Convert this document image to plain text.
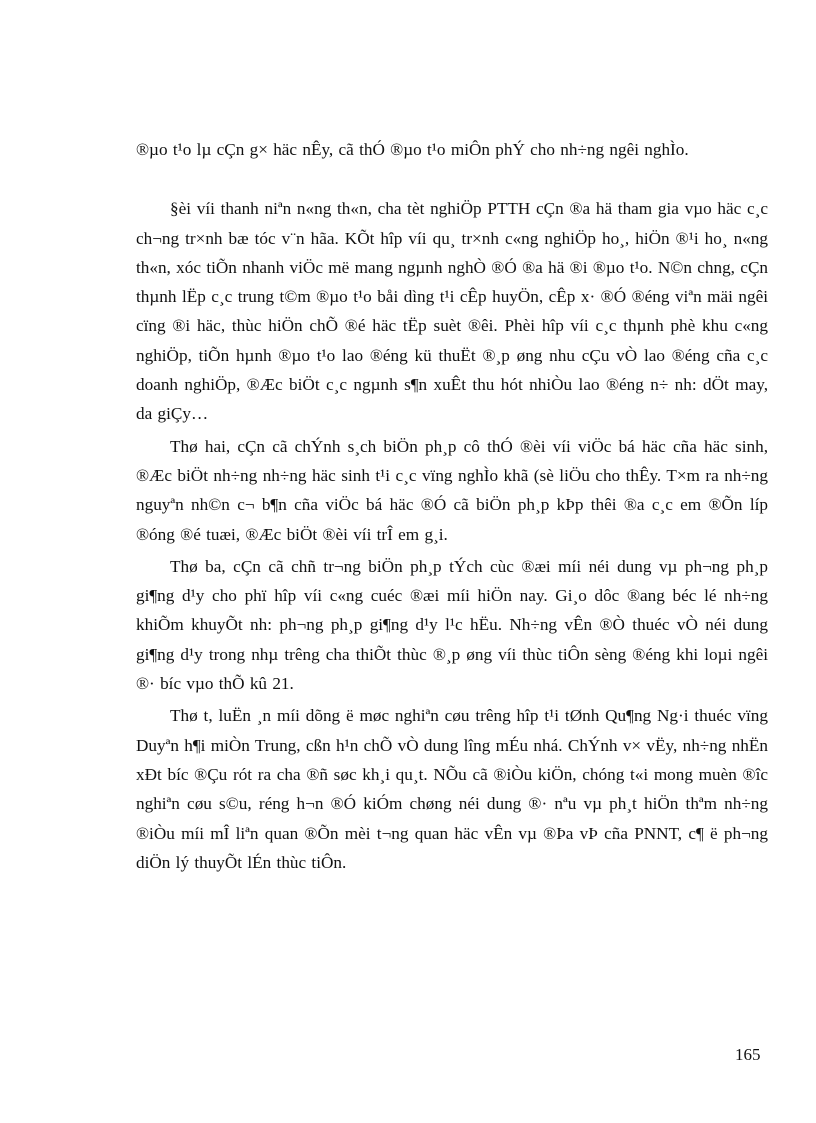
®µo t¹o lµ cÇn g× häc nÊy, cã thÓ ®µo t¹o miÔn phÝ cho nh÷ng ngêi nghÌo.

§èi víi thanh niªn n«ng th«n, cha tèt nghiÖp PTTH cÇn ®a hä tham gia vµo häc c¸c ch¬ng tr×nh bæ tóc v¨n hãa. KÕt hîp víi qu¸ tr×nh c«ng nghiÖp ho¸, hiÖn ®¹i ho¸ n«ng th«n, xóc tiÕn nhanh viÖc më mang ngµnh nghÒ ®Ó ®a hä ®i ®µo t¹o. N©n chng, cÇn thµnh lËp c¸c trung t©m ®µo t¹o båi dìng t¹i cÊp huyÖn, cÊp x· ®Ó ®éng viªn mäi ngêi cïng ®i häc, thùc hiÖn chÕ ®é häc tËp suèt ®êi. Phèi hîp víi c¸c thµnh phè khu c«ng nghiÖp, tiÕn hµnh ®µo t¹o lao ®éng kü thuËt ®¸p øng nhu cÇu vÒ lao ®éng cña c¸c doanh nghiÖp, ®Æc biÖt c¸c ngµnh s¶n xuÊt thu hót nhiÒu lao ®éng n÷ nh: dÖt may, da giÇy…

Thø hai, cÇn cã chÝnh s¸ch biÖn ph¸p cô thÓ ®èi víi viÖc bá häc cña häc sinh, ®Æc biÖt nh÷ng nh÷ng häc sinh t¹i c¸c vïng nghÌo khã (sè liÖu cho thÊy. T×m ra nh÷ng nguyªn nh©n c¬ b¶n cña viÖc bá häc ®Ó cã biÖn ph¸p kÞp thêi ®a c¸c em ®Õn líp ®óng ®é tuæi, ®Æc biÖt ®èi víi trÎ em g¸i.

Thø ba, cÇn cã chñ tr¬ng biÖn ph¸p tÝch cùc ®æi míi néi dung vµ ph¬ng ph¸p gi¶ng d¹y cho phï hîp víi c«ng cuéc ®æi míi hiÖn nay. Gi¸o dôc ®ang béc lé nh÷ng khiÕm khuyÕt nh: ph¬ng ph¸p gi¶ng d¹y l¹c hËu. Nh÷ng vÊn ®Ò thuéc vÒ néi dung gi¶ng d¹y trong nhµ trêng cha thiÕt thùc ®¸p øng víi thùc tiÔn sèng ®éng khi loµi ngêi ®· bíc vµo thÕ kû 21.

Thø t, luËn ¸n míi dõng ë møc nghiªn cøu trêng hîp t¹i tØnh Qu¶ng Ng·i thuéc vïng Duyªn h¶i miÒn Trung, cßn h¹n chÕ vÒ dung lîng mÉu nhá. ChÝnh v× vËy, nh÷ng nhËn xÐt bíc ®Çu rót ra cha ®ñ søc kh¸i qu¸t. NÕu cã ®iÒu kiÖn, chóng t«i mong muèn ®îc nghiªn cøu s©u, réng h¬n ®Ó kiÓm chøng néi dung ®· nªu vµ ph¸t hiÖn thªm nh÷ng ®iÒu míi mÎ liªn quan ®Õn mèi t¬ng quan häc vÊn vµ ®Þa vÞ cña PNNT, c¶ ë ph¬ng diÖn lý thuyÕt lÉn thùc tiÔn.

165
